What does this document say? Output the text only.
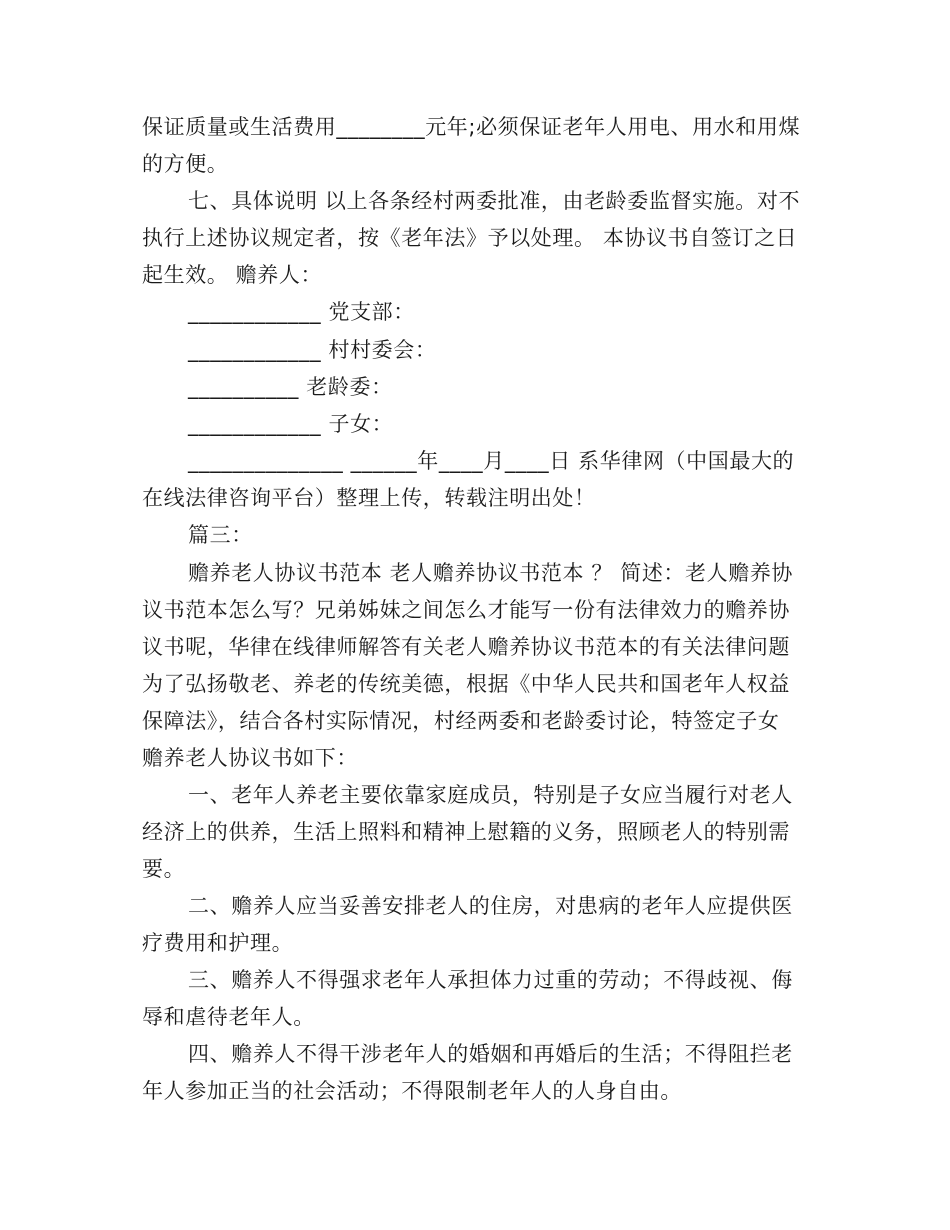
保证质量或生活费用________元年;必须保证老年人用电、用水和用煤
的方便。
七、具体说明 以上各条经村两委批准，由老龄委监督实施。对不
执行上述协议规定者，按《老年法》予以处理。 本协议书自签订之日
起生效。 赡养人：
____________ 党支部：
____________ 村村委会：
__________ 老龄委：
____________ 子女：
______________ ______年____月____日 系华律网（中国最大的
在线法律咨询平台）整理上传，转载注明出处！
篇三：
赡养老人协议书范本 老人赡养协议书范本 ？ 简述：老人赡养协
议书范本怎么写？兄弟姊妹之间怎么才能写一份有法律效力的赡养协
议书呢，华律在线律师解答有关老人赡养协议书范本的有关法律问题
为了弘扬敬老、养老的传统美德，根据《中华人民共和国老年人权益
保障法》，结合各村实际情况，村经两委和老龄委讨论，特签定子女
赡养老人协议书如下：
一、老年人养老主要依靠家庭成员，特别是子女应当履行对老人
经济上的供养，生活上照料和精神上慰籍的义务，照顾老人的特别需
要。
二、赡养人应当妥善安排老人的住房，对患病的老年人应提供医
疗费用和护理。
三、赡养人不得强求老年人承担体力过重的劳动；不得歧视、侮
辱和虐待老年人。
四、赡养人不得干涉老年人的婚姻和再婚后的生活；不得阻拦老
年人参加正当的社会活动；不得限制老年人的人身自由。
